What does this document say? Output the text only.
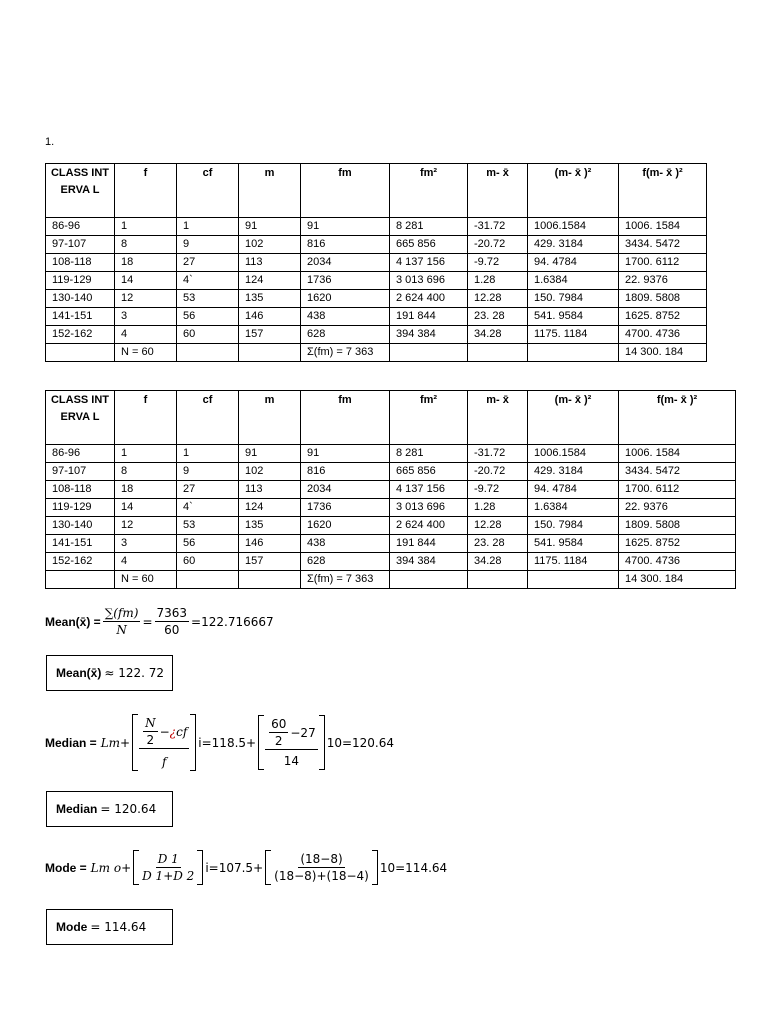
1.
CLASS INTERVA L	f	cf	m	fm	fm²	m- x̄	(m- x̄ )²	f(m- x̄ )²
86-96	1	1	91	91	8 281	-31.72	1006.1584	1006. 1584
97-107	8	9	102	816	665 856	-20.72	429. 3184	3434. 5472
108-118	18	27	113	2034	4 137 156	-9.72	94. 4784	1700. 6112
119-129	14	4`	124	1736	3 013 696	1.28	1.6384	22. 9376
130-140	12	53	135	1620	2 624 400	12.28	150. 7984	1809. 5808
141-151	3	56	146	438	191 844	23. 28	541. 9584	1625. 8752
152-162	4	60	157	628	394 384	34.28	1175. 1184	4700. 4736
	N = 60			Σ(fm) = 7 363				14 300. 184
CLASS INTERVA L	f	cf	m	fm	fm²	m- x̄	(m- x̄ )²	f(m- x̄ )²
86-96	1	1	91	91	8 281	-31.72	1006.1584	1006. 1584
97-107	8	9	102	816	665 856	-20.72	429. 3184	3434. 5472
108-118	18	27	113	2034	4 137 156	-9.72	94. 4784	1700. 6112
119-129	14	4`	124	1736	3 013 696	1.28	1.6384	22. 9376
130-140	12	53	135	1620	2 624 400	12.28	150. 7984	1809. 5808
141-151	3	56	146	438	191 844	23. 28	541. 9584	1625. 8752
152-162	4	60	157	628	394 384	34.28	1175. 1184	4700. 4736
	N = 60			Σ(fm) = 7 363				14 300. 184
Mean(x̄) = $\frac{\sum(fm)}{N} = \frac{7363}{60} =122.716667$
Mean(x̄) ≈ 122. 72
Median = $Lm + \frac{\frac{N}{2} - ¿ cf}{f} i=118.5 + \frac{\frac{60}{2} -27}{14} 10=120.64$
Median = 120.64
Mode = Lm $o + \frac{D 1}{D 1+D 2} i=107.5 + \frac{(18-8)}{(18-8)+(18-4)} 10=114.64$
Mode = 114.64
